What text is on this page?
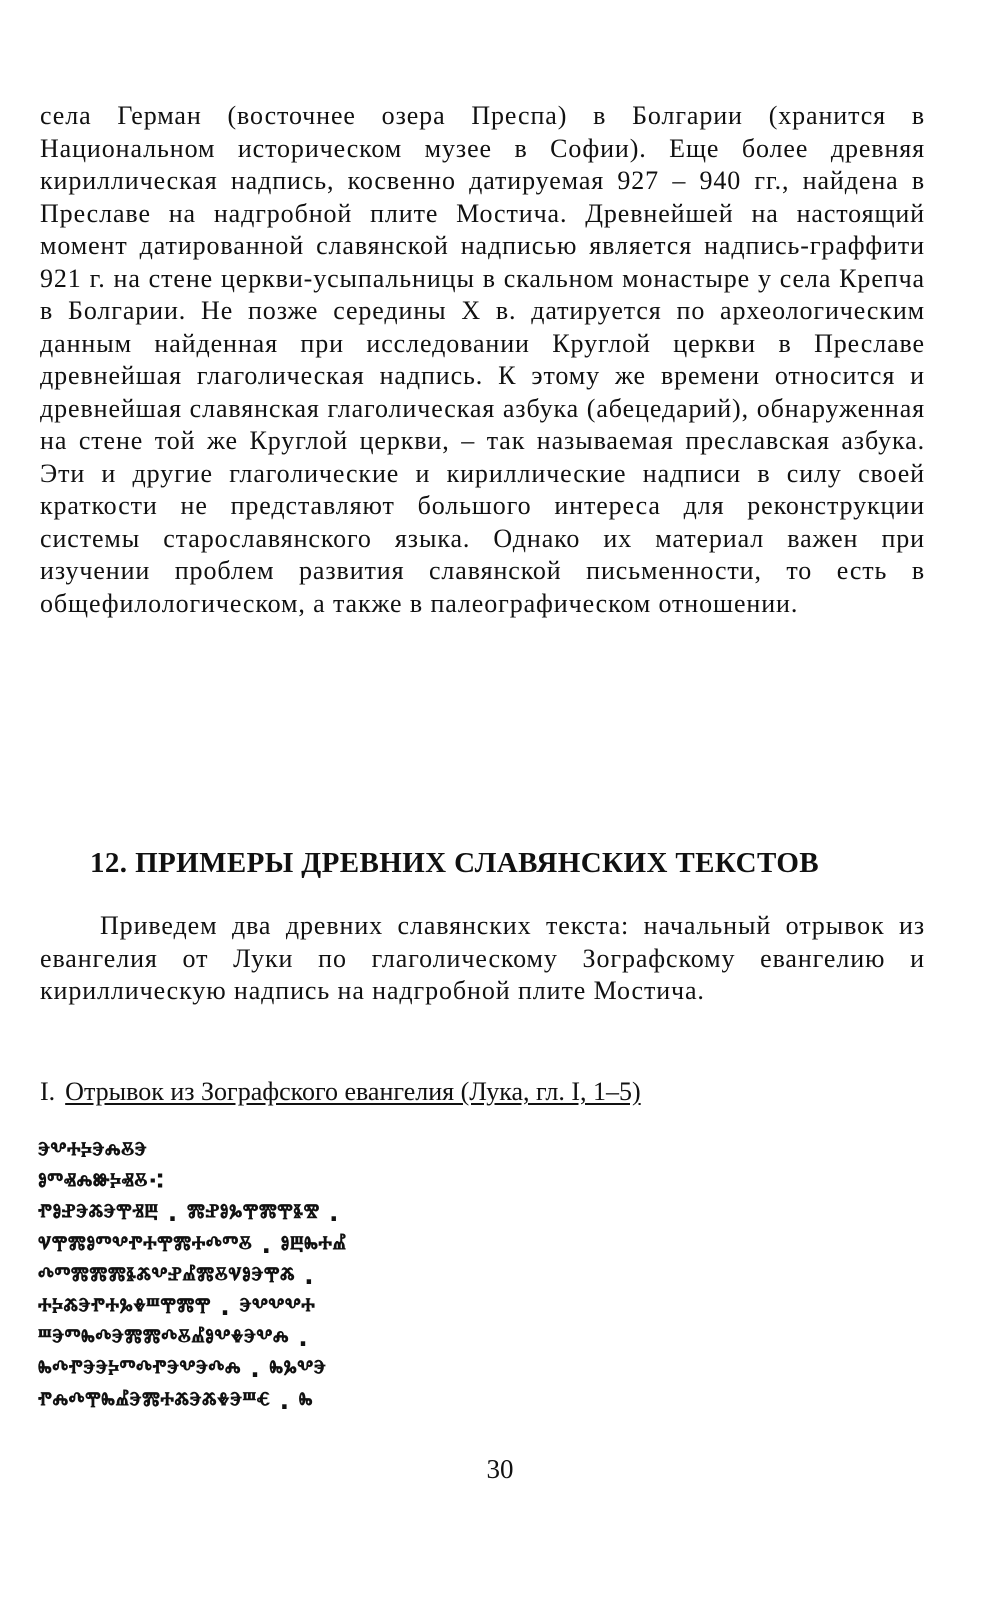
села Герман (восточнее озера Преспа) в Болгарии (хранится в Национальном историческом музее в Софии). Еще более древняя кириллическая надпись, косвенно датируемая 927 – 940 гг., найдена в Преславе на надгробной плите Мостича. Древнейшей на настоящий момент датированной славянской надписью является надпись-граффити 921 г. на стене церкви-усыпальницы в скальном монастыре у села Крепча в Болгарии. Не позже середины X в. датируется по археологическим данным найденная при исследовании Круглой церкви в Преславе древнейшая глаголическая надпись. К этому же времени относится и древнейшая славянская глаголическая азбука (абецедарий), обнаруженная на стене той же Круглой церкви, – так называемая преславская азбука. Эти и другие глаголические и кириллические надписи в силу своей краткости не представляют большого интереса для реконструкции системы старославянского языка. Однако их материал важен при изучении проблем развития славянской письменности, то есть в общефилологическом, а также в палеографическом отношении.

12. ПРИМЕРЫ ДРЕВНИХ СЛАВЯНСКИХ ТЕКСТОВ

Приведем два древних славянских текста: начальный отрывок из евангелия от Луки по глаголическому Зографскому евангелию и кириллическую надпись на надгробной плите Мостича.

I. Отрывок из Зографского евангелия (Лука, гл. I, 1–5)

ⰵⰲⰰⰽⰵⰾⰻⰵ
ⱁⱅⱏⰾⱆⰽⱏⰻ⁖
ⱂⱁⱀⰵⰶⰵⰹⱐⰱ . ⰿⱀⱁⰳⰹⰿⰹⱛⰺ .
ⱌⰹⰿⱁⱅⰲⱂⰰⰹⰿⰰⰴⱅⰻ . ⱁⰱⰸⰰⰼ
ⰴⱅⰿⰿⰿⱛⰶⰲⱀⰼⰿⰻⱌⱁⰵⰹⰶ .
ⰰⰽⰶⰵⱂⰰⰳⰷⱎⰹⰿⰹ . ⰵⰲⰲⰲⰰ
ⱎⰵⱅⰸⰴⰵⰿⰿⰴⰻⰼⱁⰲⰷⰵⰲⰾ .
ⰸⰴⱂⰵⰵⰽⱅⰴⱂⰵⰲⰵⰴⰾ . ⰸⰳⰲⰵ
ⱂⰾⰴⰹⰸⰼⰵⰿⰰⰶⰵⰶⰷⰵⱎⱔ . ⰸ

30
